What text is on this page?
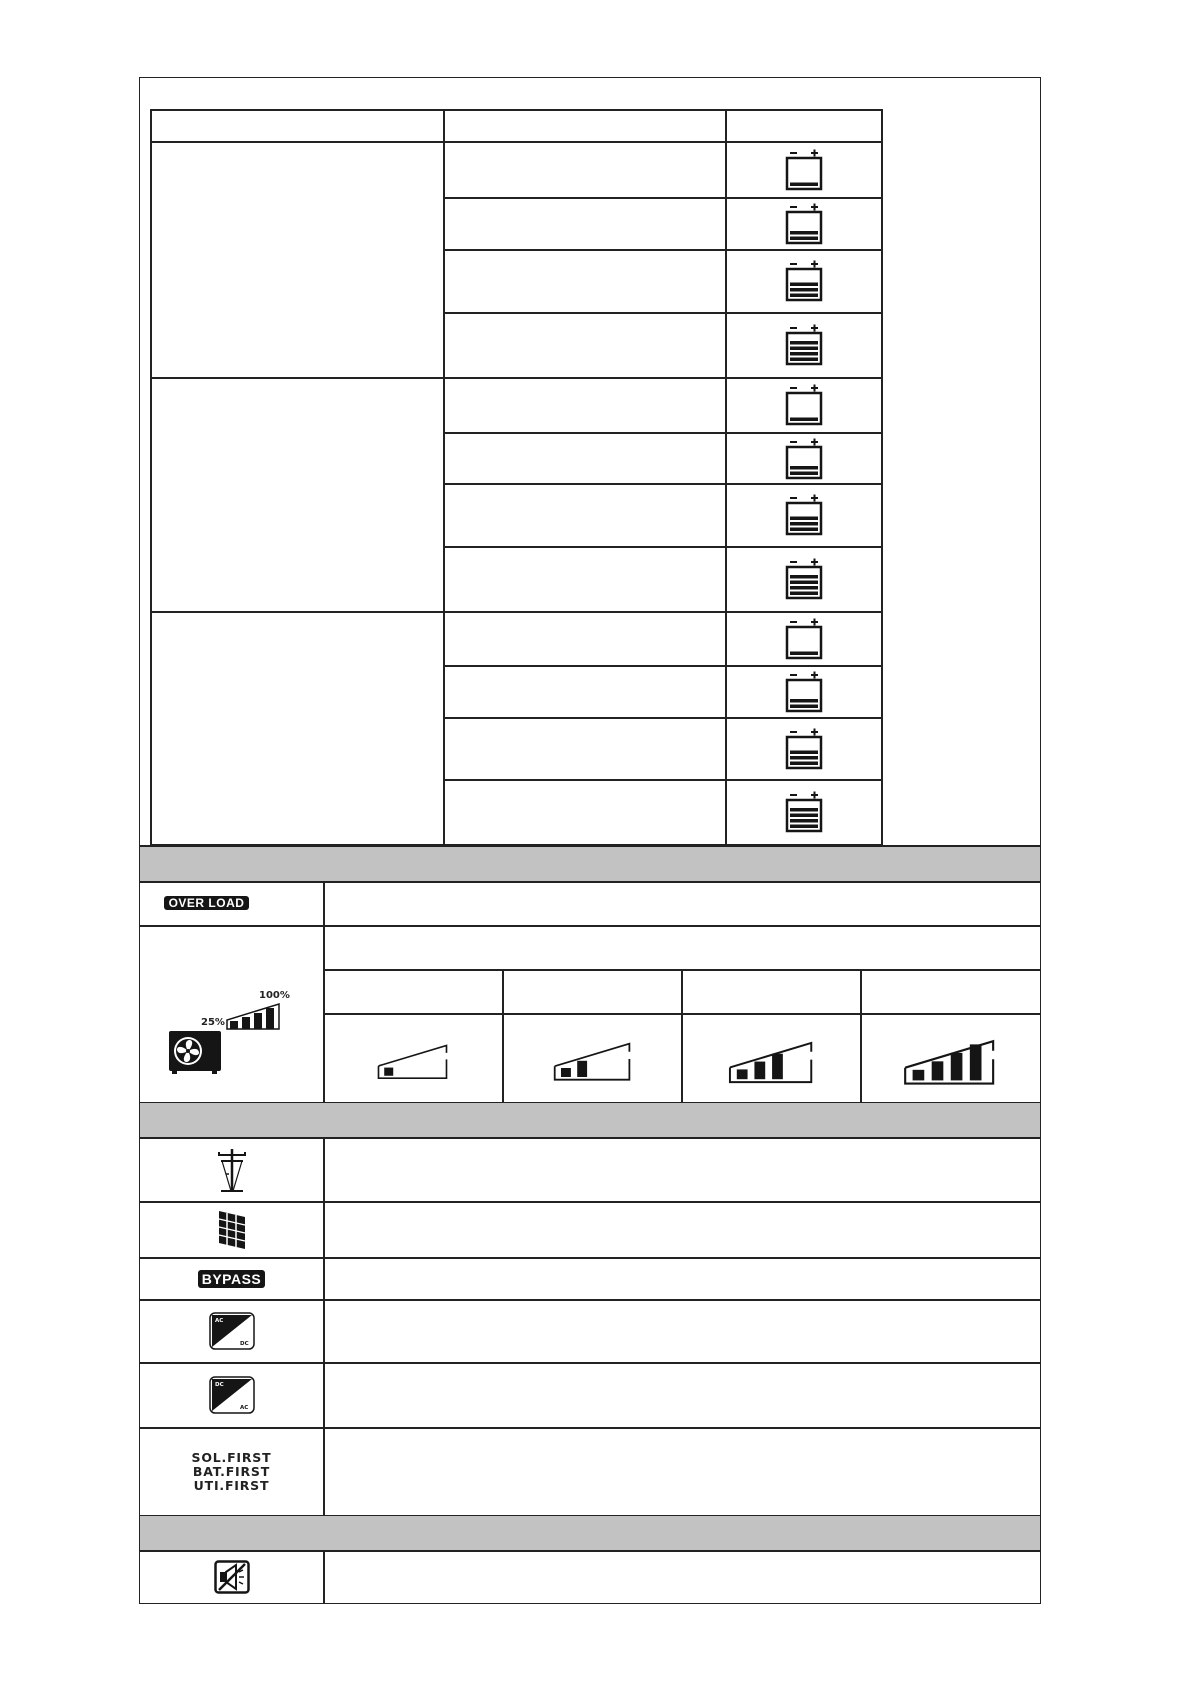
OVER LOAD
100%
25%
BYPASS
AC
DC
DC
AC
SOL.FIRST
BAT.FIRST
UTI.FIRST
